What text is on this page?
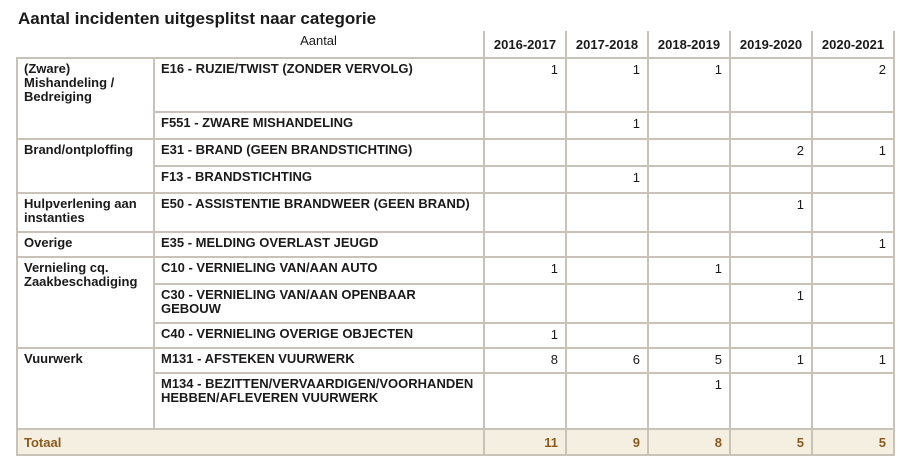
Aantal incidenten uitgesplitst naar categorie
	Aantal	2016-2017	2017-2018	2018-2019	2019-2020	2020-2021
(Zware) Mishandeling / Bedreiging	E16 - RUZIE/TWIST (ZONDER VERVOLG)	1	1	1		2
	F551 - ZWARE MISHANDELING		1			
Brand/ontploffing	E31 - BRAND (GEEN BRANDSTICHTING)				2	1
	F13 - BRANDSTICHTING		1			
Hulpverlening aan instanties	E50 - ASSISTENTIE BRANDWEER (GEEN BRAND)				1	
Overige	E35 - MELDING OVERLAST JEUGD					1
Vernieling cq. Zaakbeschadiging	C10 - VERNIELING VAN/AAN AUTO	1		1		
	C30 - VERNIELING VAN/AAN OPENBAAR GEBOUW				1	
	C40 - VERNIELING OVERIGE OBJECTEN	1				
Vuurwerk	M131 - AFSTEKEN VUURWERK	8	6	5	1	1
	M134 - BEZITTEN/VERVAARDIGEN/VOORHANDEN HEBBEN/AFLEVEREN VUURWERK			1		
Totaal		11	9	8	5	5
